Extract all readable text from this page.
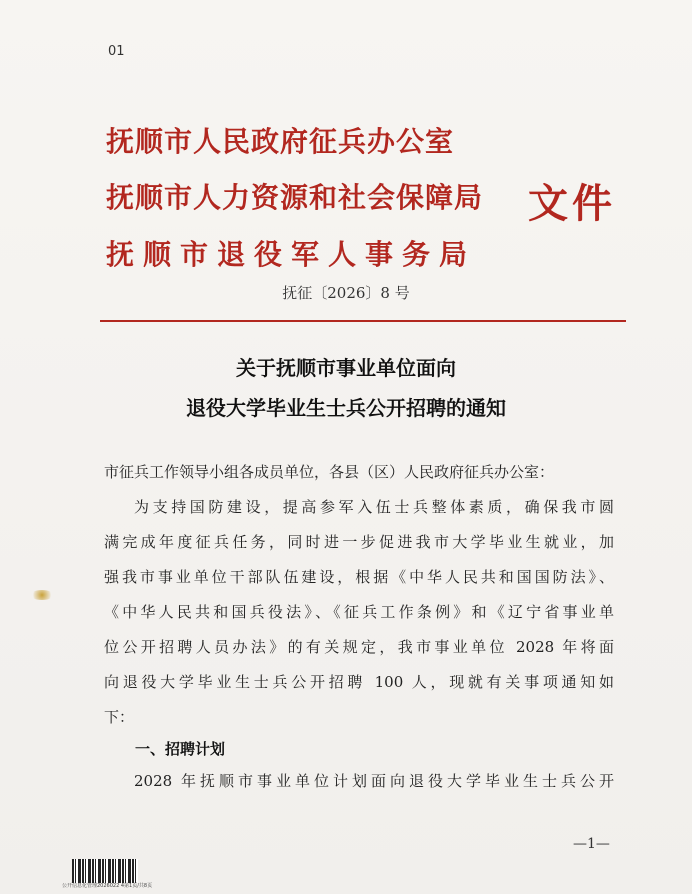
01
抚顺市人民政府征兵办公室
抚顺市人力资源和社会保障局
抚顺市退役军人事务局
文件
抚征〔2026〕8 号
关于抚顺市事业单位面向
退役大学毕业生士兵公开招聘的通知
市征兵工作领导小组各成员单位，各县（区）人民政府征兵办公室：
为支持国防建设，提高参军入伍士兵整体素质，确保我市圆
满完成年度征兵任务，同时进一步促进我市大学毕业生就业，加
强我市事业单位干部队伍建设，根据《中华人民共和国国防法》、
《中华人民共和国兵役法》、《征兵工作条例》和《辽宁省事业单
位公开招聘人员办法》的有关规定，我市事业单位 2028 年将面
向退役大学毕业生士兵公开招聘 100 人，现就有关事项通知如
下：
一、招聘计划
2028 年抚顺市事业单位计划面向退役大学毕业生士兵公开
—1—
公开信息化管理2026022 4第1页/共8页
